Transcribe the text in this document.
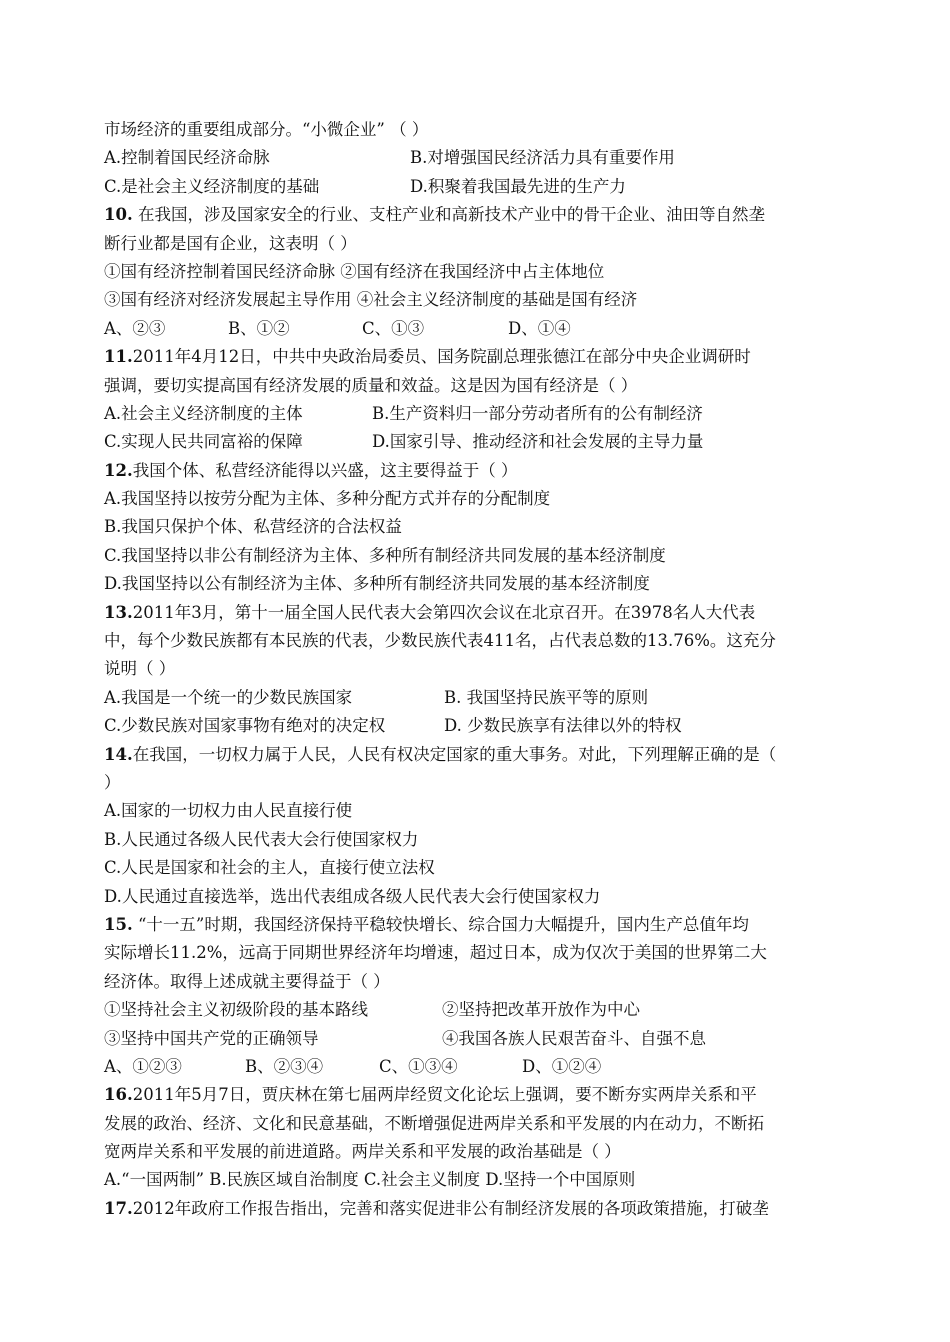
市场经济的重要组成部分。“小微企业” （ ）
A.控制着国民经济命脉	B.对增强国民经济活力具有重要作用
C.是社会主义经济制度的基础	D.积聚着我国最先进的生产力
10. 在我国，涉及国家安全的行业、支柱产业和高新技术产业中的骨干企业、油田等自然垄
断行业都是国有企业，这表明（ ）
①国有经济控制着国民经济命脉 ②国有经济在我国经济中占主体地位
③国有经济对经济发展起主导作用 ④社会主义经济制度的基础是国有经济
A、②③	B、①②	C、①③	D、①④
11.2011年4月12日，中共中央政治局委员、国务院副总理张德江在部分中央企业调研时
强调，要切实提高国有经济发展的质量和效益。这是因为国有经济是（ ）
A.社会主义经济制度的主体	B.生产资料归一部分劳动者所有的公有制经济
C.实现人民共同富裕的保障	D.国家引导、推动经济和社会发展的主导力量
12.我国个体、私营经济能得以兴盛，这主要得益于（ ）
A.我国坚持以按劳分配为主体、多种分配方式并存的分配制度
B.我国只保护个体、私营经济的合法权益
C.我国坚持以非公有制经济为主体、多种所有制经济共同发展的基本经济制度
D.我国坚持以公有制经济为主体、多种所有制经济共同发展的基本经济制度
13.2011年3月，第十一届全国人民代表大会第四次会议在北京召开。在3978名人大代表
中，每个少数民族都有本民族的代表，少数民族代表411名，占代表总数的13.76%。这充分
说明（ ）
A.我国是一个统一的少数民族国家	B. 我国坚持民族平等的原则
C.少数民族对国家事物有绝对的决定权	D. 少数民族享有法律以外的特权
14.在我国，一切权力属于人民，人民有权决定国家的重大事务。对此，下列理解正确的是（
）
A.国家的一切权力由人民直接行使
B.人民通过各级人民代表大会行使国家权力
C.人民是国家和社会的主人，直接行使立法权
D.人民通过直接选举，选出代表组成各级人民代表大会行使国家权力
15. “十一五”时期，我国经济保持平稳较快增长、综合国力大幅提升，国内生产总值年均
实际增长11.2%，远高于同期世界经济年均增速，超过日本，成为仅次于美国的世界第二大
经济体。取得上述成就主要得益于（ ）
①坚持社会主义初级阶段的基本路线	②坚持把改革开放作为中心
③坚持中国共产党的正确领导	④我国各族人民艰苦奋斗、自强不息
A、①②③	B、②③④	C、①③④	D、①②④
16.2011年5月7日，贾庆林在第七届两岸经贸文化论坛上强调，要不断夯实两岸关系和平
发展的政治、经济、文化和民意基础，不断增强促进两岸关系和平发展的内在动力，不断拓
宽两岸关系和平发展的前进道路。两岸关系和平发展的政治基础是（ ）
A.“一国两制” B.民族区域自治制度 C.社会主义制度 D.坚持一个中国原则
17.2012年政府工作报告指出，完善和落实促进非公有制经济发展的各项政策措施，打破垄
